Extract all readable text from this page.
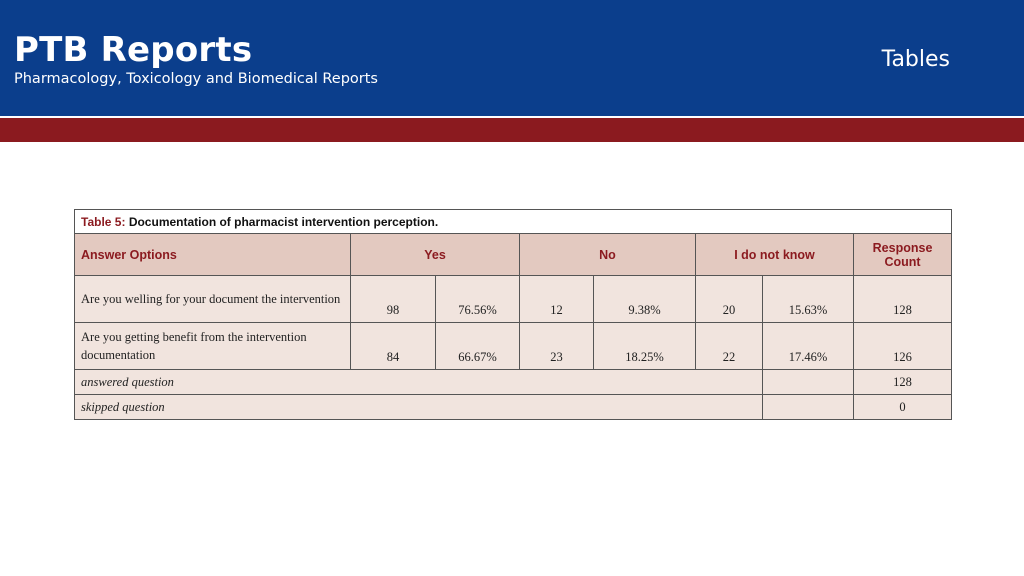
PTB Reports
Pharmacology, Toxicology and Biomedical Reports
Tables
Table 5: Documentation of pharmacist intervention perception.							
Answer Options	Yes		No		I do not know		Response Count
Are you welling for your document the intervention	98	76.56%	12	9.38%	20	15.63%	128
Are you getting benefit from the intervention documentation	84	66.67%	23	18.25%	22	17.46%	126
answered question							128
skipped question							0
